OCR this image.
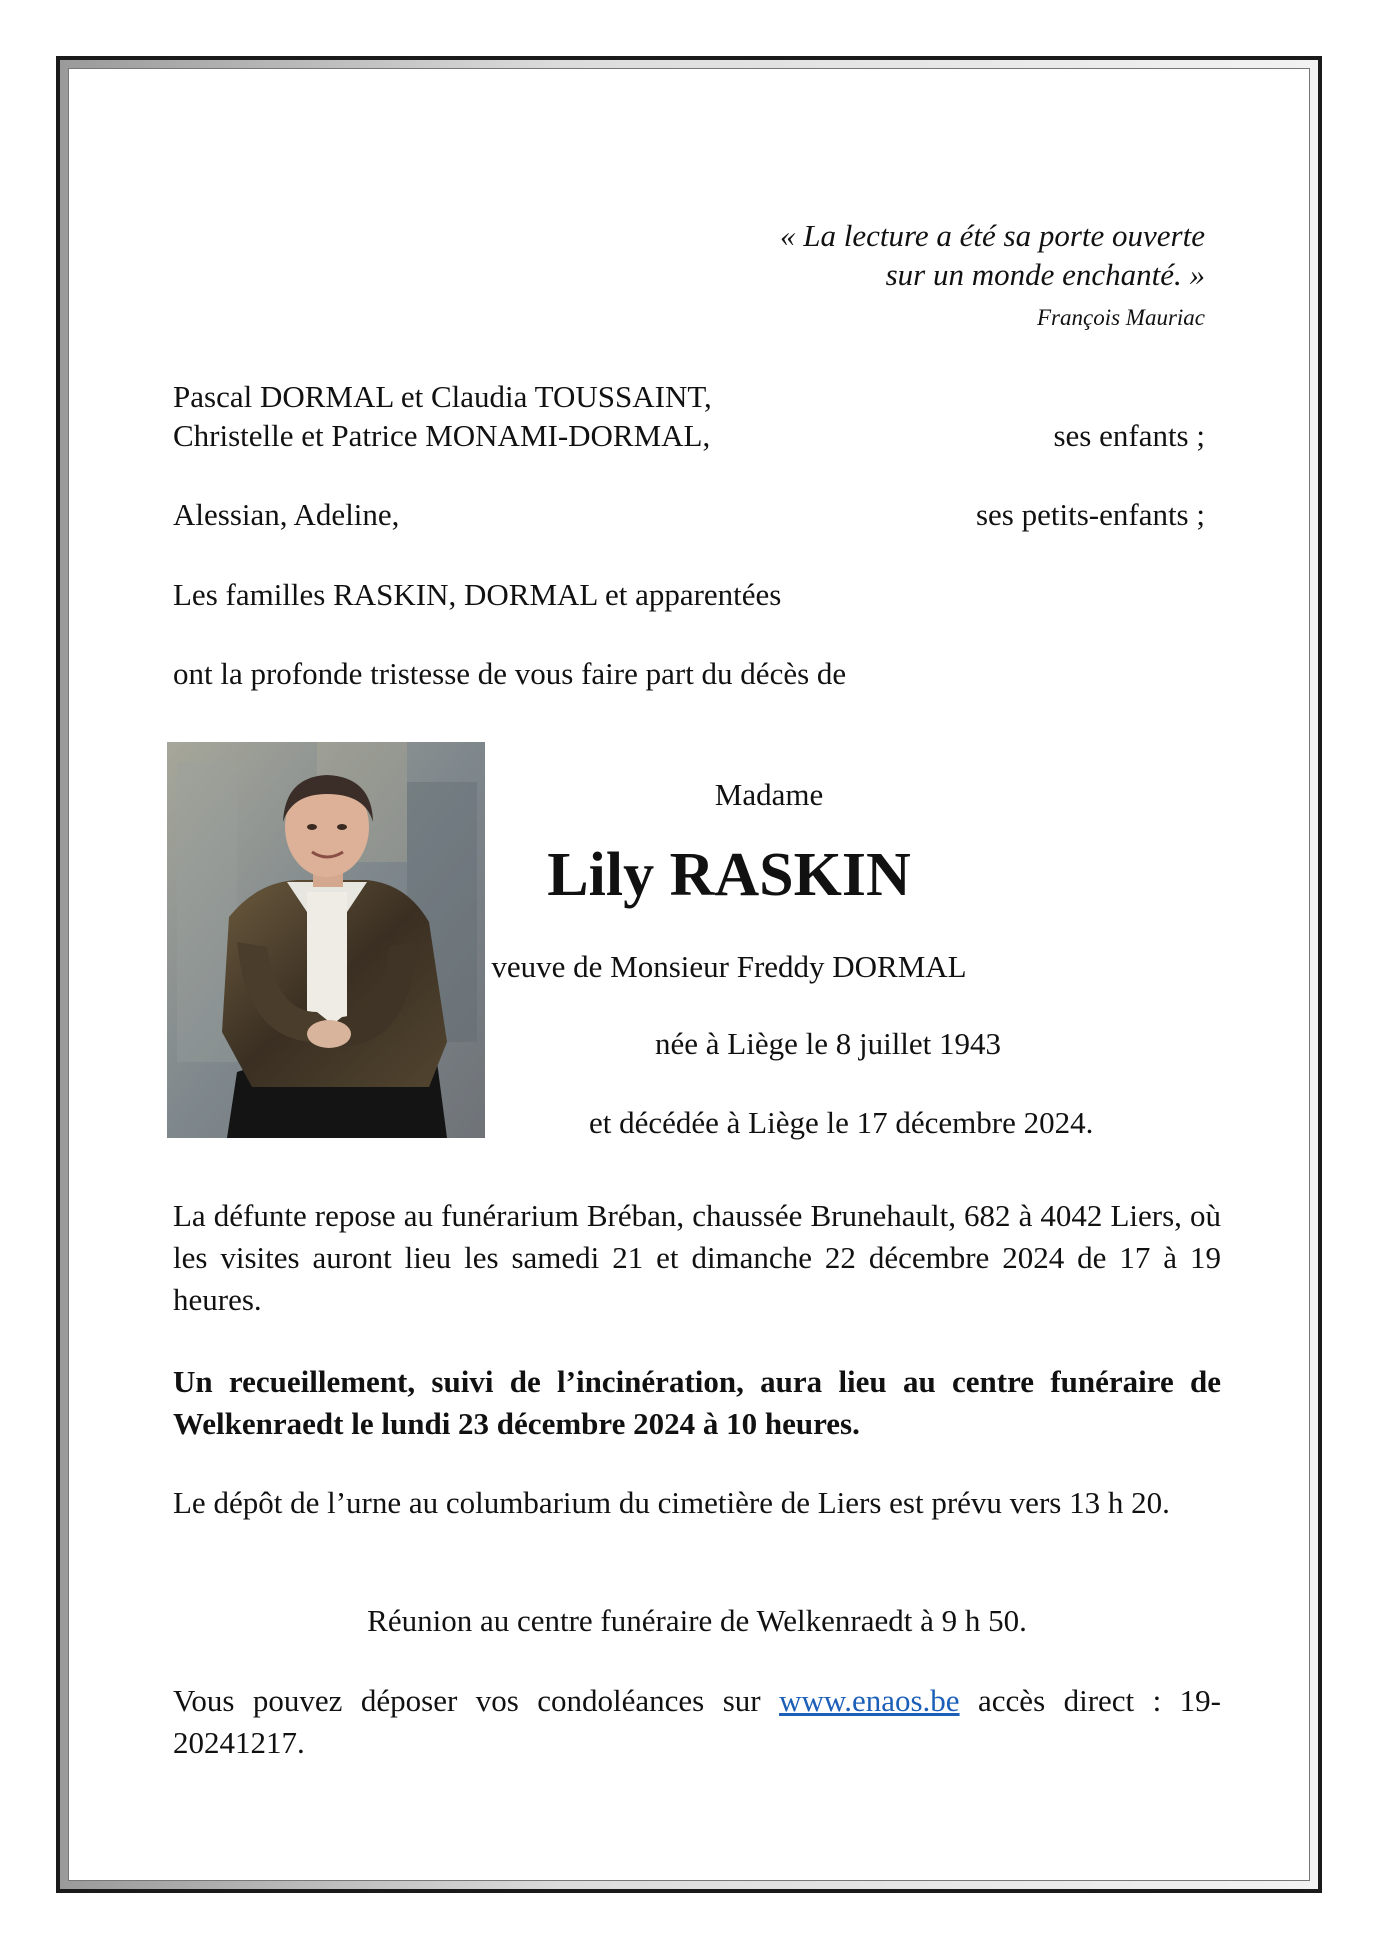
« La lecture a été sa porte ouverte
sur un monde enchanté. »
François Mauriac
Pascal DORMAL et Claudia TOUSSAINT,
Christelle et Patrice MONAMI-DORMAL,	ses enfants ;
Alessian, Adeline,	ses petits-enfants ;
Les familles RASKIN, DORMAL et apparentées
ont la profonde tristesse de vous faire part du décès de
Madame
Lily RASKIN
veuve de Monsieur Freddy DORMAL
née à Liège le 8 juillet 1943
et décédée à Liège le 17 décembre 2024.
La défunte repose au funérarium Bréban, chaussée Brunehault, 682 à 4042 Liers, où les visites auront lieu les samedi 21 et dimanche 22 décembre 2024 de 17 à 19 heures.
Un recueillement, suivi de l’incinération, aura lieu au centre funéraire de Welkenraedt le lundi 23 décembre 2024 à 10 heures.
Le dépôt de l’urne au columbarium du cimetière de Liers est prévu vers 13 h 20.
Réunion au centre funéraire de Welkenraedt à 9 h 50.
Vous pouvez déposer vos condoléances sur www.enaos.be accès direct : 19-20241217.
